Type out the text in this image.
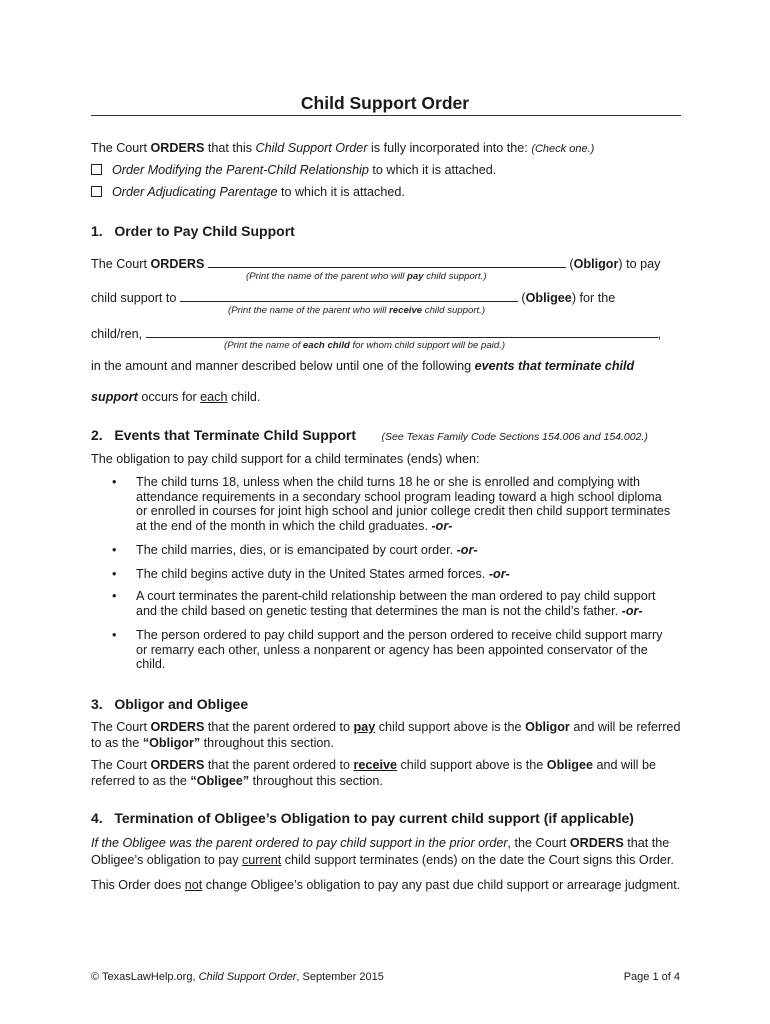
Child Support Order
The Court ORDERS that this Child Support Order is fully incorporated into the: (Check one.)
Order Modifying the Parent-Child Relationship to which it is attached.
Order Adjudicating Parentage to which it is attached.
1.   Order to Pay Child Support
The Court ORDERS	(Obligor) to pay
(Print the name of the parent who will pay child support.)
child support to	(Obligee) for the
(Print the name of the parent who will receive child support.)
child/ren,	,
(Print the name of each child for whom child support will be paid.)
in the amount and manner described below until one of the following events that terminate child
support occurs for each child.
2.   Events that Terminate Child Support (See Texas Family Code Sections 154.006 and 154.002.)
The obligation to pay child support for a child terminates (ends) when:
• The child turns 18, unless when the child turns 18 he or she is enrolled and complying with attendance requirements in a secondary school program leading toward a high school diploma or enrolled in courses for joint high school and junior college credit then child support terminates at the end of the month in which the child graduates. -or-
• The child marries, dies, or is emancipated by court order. -or-
• The child begins active duty in the United States armed forces. -or-
• A court terminates the parent-child relationship between the man ordered to pay child support and the child based on genetic testing that determines the man is not the child’s father. -or-
• The person ordered to pay child support and the person ordered to receive child support marry or remarry each other, unless a nonparent or agency has been appointed conservator of the child.
3.   Obligor and Obligee
The Court ORDERS that the parent ordered to pay child support above is the Obligor and will be referred to as the “Obligor” throughout this section.
The Court ORDERS that the parent ordered to receive child support above is the Obligee and will be referred to as the “Obligee” throughout this section.
4.   Termination of Obligee’s Obligation to pay current child support (if applicable)
If the Obligee was the parent ordered to pay child support in the prior order, the Court ORDERS that the
Obligee’s obligation to pay current child support terminates (ends) on the date the Court signs this Order.
This Order does not change Obligee’s obligation to pay any past due child support or arrearage judgment.
© TexasLawHelp.org, Child Support Order, September 2015	Page 1 of 4
